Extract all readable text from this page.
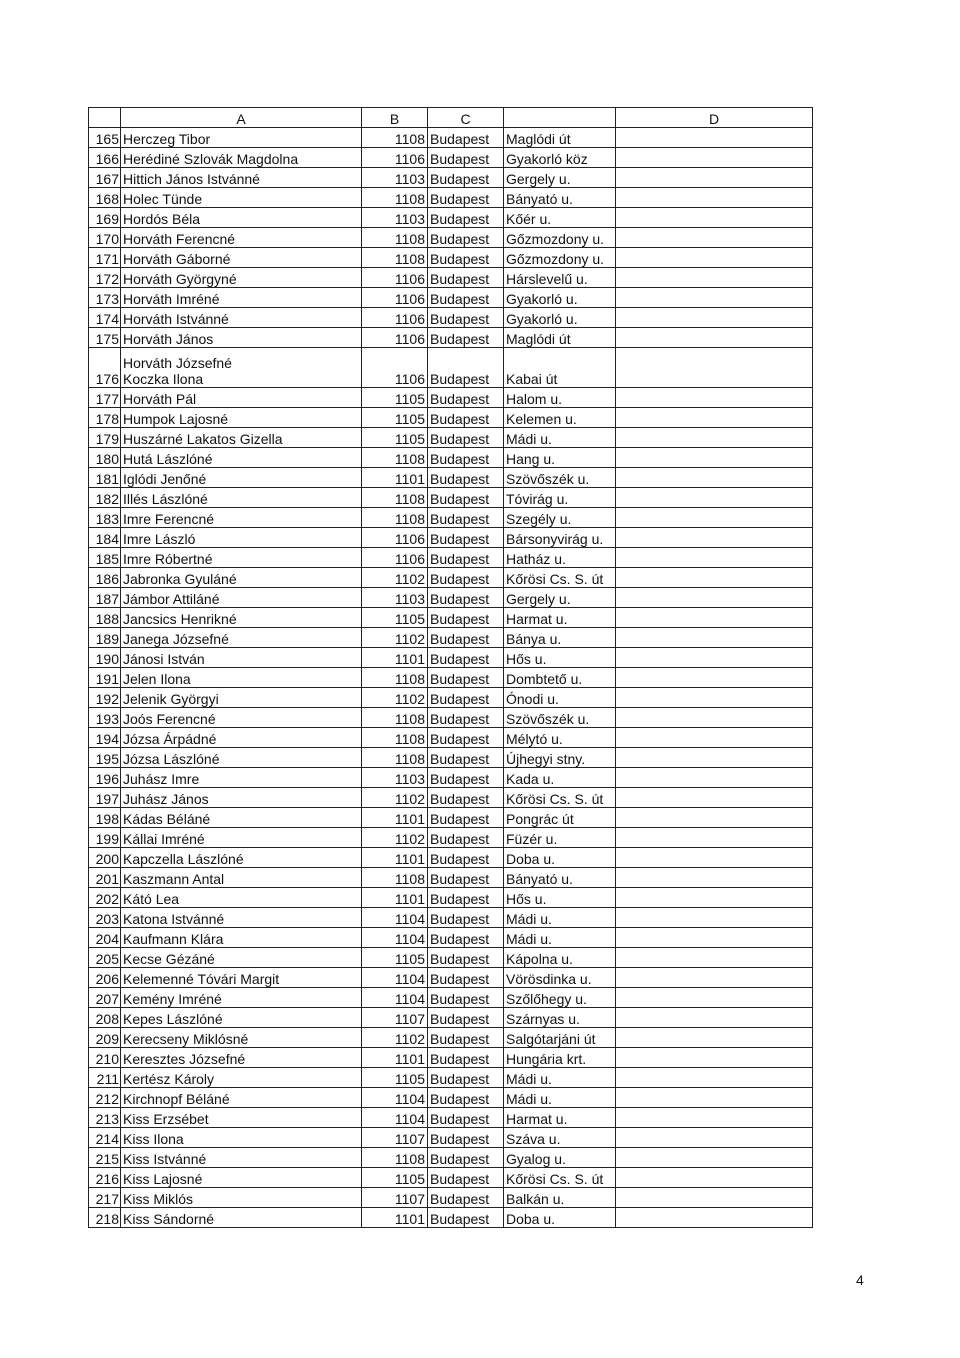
	A	B	C		D
165	Herczeg Tibor	1108	Budapest	Maglódi út	
166	Herédiné Szlovák Magdolna	1106	Budapest	Gyakorló köz	
167	Hittich János Istvánné	1103	Budapest	Gergely u.	
168	Holec Tünde	1108	Budapest	Bányató u.	
169	Hordós Béla	1103	Budapest	Kőér u.	
170	Horváth Ferencné	1108	Budapest	Gőzmozdony u.	
171	Horváth Gáborné	1108	Budapest	Gőzmozdony u.	
172	Horváth Györgyné	1106	Budapest	Hárslevelű u.	
173	Horváth Imréné	1106	Budapest	Gyakorló u.	
174	Horváth Istvánné	1106	Budapest	Gyakorló u.	
175	Horváth János	1106	Budapest	Maglódi út	
176	Horváth Józsefné
Koczka Ilona	1106	Budapest	Kabai út	
177	Horváth Pál	1105	Budapest	Halom u.	
178	Humpok Lajosné	1105	Budapest	Kelemen u.	
179	Huszárné Lakatos Gizella	1105	Budapest	Mádi u.	
180	Hutá Lászlóné	1108	Budapest	Hang u.	
181	Iglódi Jenőné	1101	Budapest	Szövőszék u.	
182	Illés Lászlóné	1108	Budapest	Tóvirág u.	
183	Imre Ferencné	1108	Budapest	Szegély u.	
184	Imre László	1106	Budapest	Bársonyvirág u.	
185	Imre Róbertné	1106	Budapest	Hatház u.	
186	Jabronka Gyuláné	1102	Budapest	Kőrösi Cs. S. út	
187	Jámbor Attiláné	1103	Budapest	Gergely u.	
188	Jancsics Henrikné	1105	Budapest	Harmat u.	
189	Janega Józsefné	1102	Budapest	Bánya u.	
190	Jánosi István	1101	Budapest	Hős u.	
191	Jelen Ilona	1108	Budapest	Dombtető u.	
192	Jelenik Györgyi	1102	Budapest	Ónodi u.	
193	Joós Ferencné	1108	Budapest	Szövőszék u.	
194	Józsa Árpádné	1108	Budapest	Mélytó u.	
195	Józsa Lászlóné	1108	Budapest	Újhegyi stny.	
196	Juhász Imre	1103	Budapest	Kada u.	
197	Juhász János	1102	Budapest	Kőrösi Cs. S. út	
198	Kádas Béláné	1101	Budapest	Pongrác út	
199	Kállai Imréné	1102	Budapest	Füzér u.	
200	Kapczella Lászlóné	1101	Budapest	Doba u.	
201	Kaszmann Antal	1108	Budapest	Bányató u.	
202	Kátó Lea	1101	Budapest	Hős u.	
203	Katona Istvánné	1104	Budapest	Mádi u.	
204	Kaufmann Klára	1104	Budapest	Mádi u.	
205	Kecse Gézáné	1105	Budapest	Kápolna u.	
206	Kelemenné Tóvári Margit	1104	Budapest	Vörösdinka u.	
207	Kemény Imréné	1104	Budapest	Szőlőhegy u.	
208	Kepes Lászlóné	1107	Budapest	Szárnyas u.	
209	Kerecseny Miklósné	1102	Budapest	Salgótarjáni út	
210	Keresztes Józsefné	1101	Budapest	Hungária krt.	
211	Kertész Károly	1105	Budapest	Mádi u.	
212	Kirchnopf Béláné	1104	Budapest	Mádi u.	
213	Kiss Erzsébet	1104	Budapest	Harmat u.	
214	Kiss Ilona	1107	Budapest	Száva u.	
215	Kiss Istvánné	1108	Budapest	Gyalog u.	
216	Kiss Lajosné	1105	Budapest	Kőrösi Cs. S. út	
217	Kiss Miklós	1107	Budapest	Balkán u.	
218	Kiss Sándorné	1101	Budapest	Doba u.	
4
